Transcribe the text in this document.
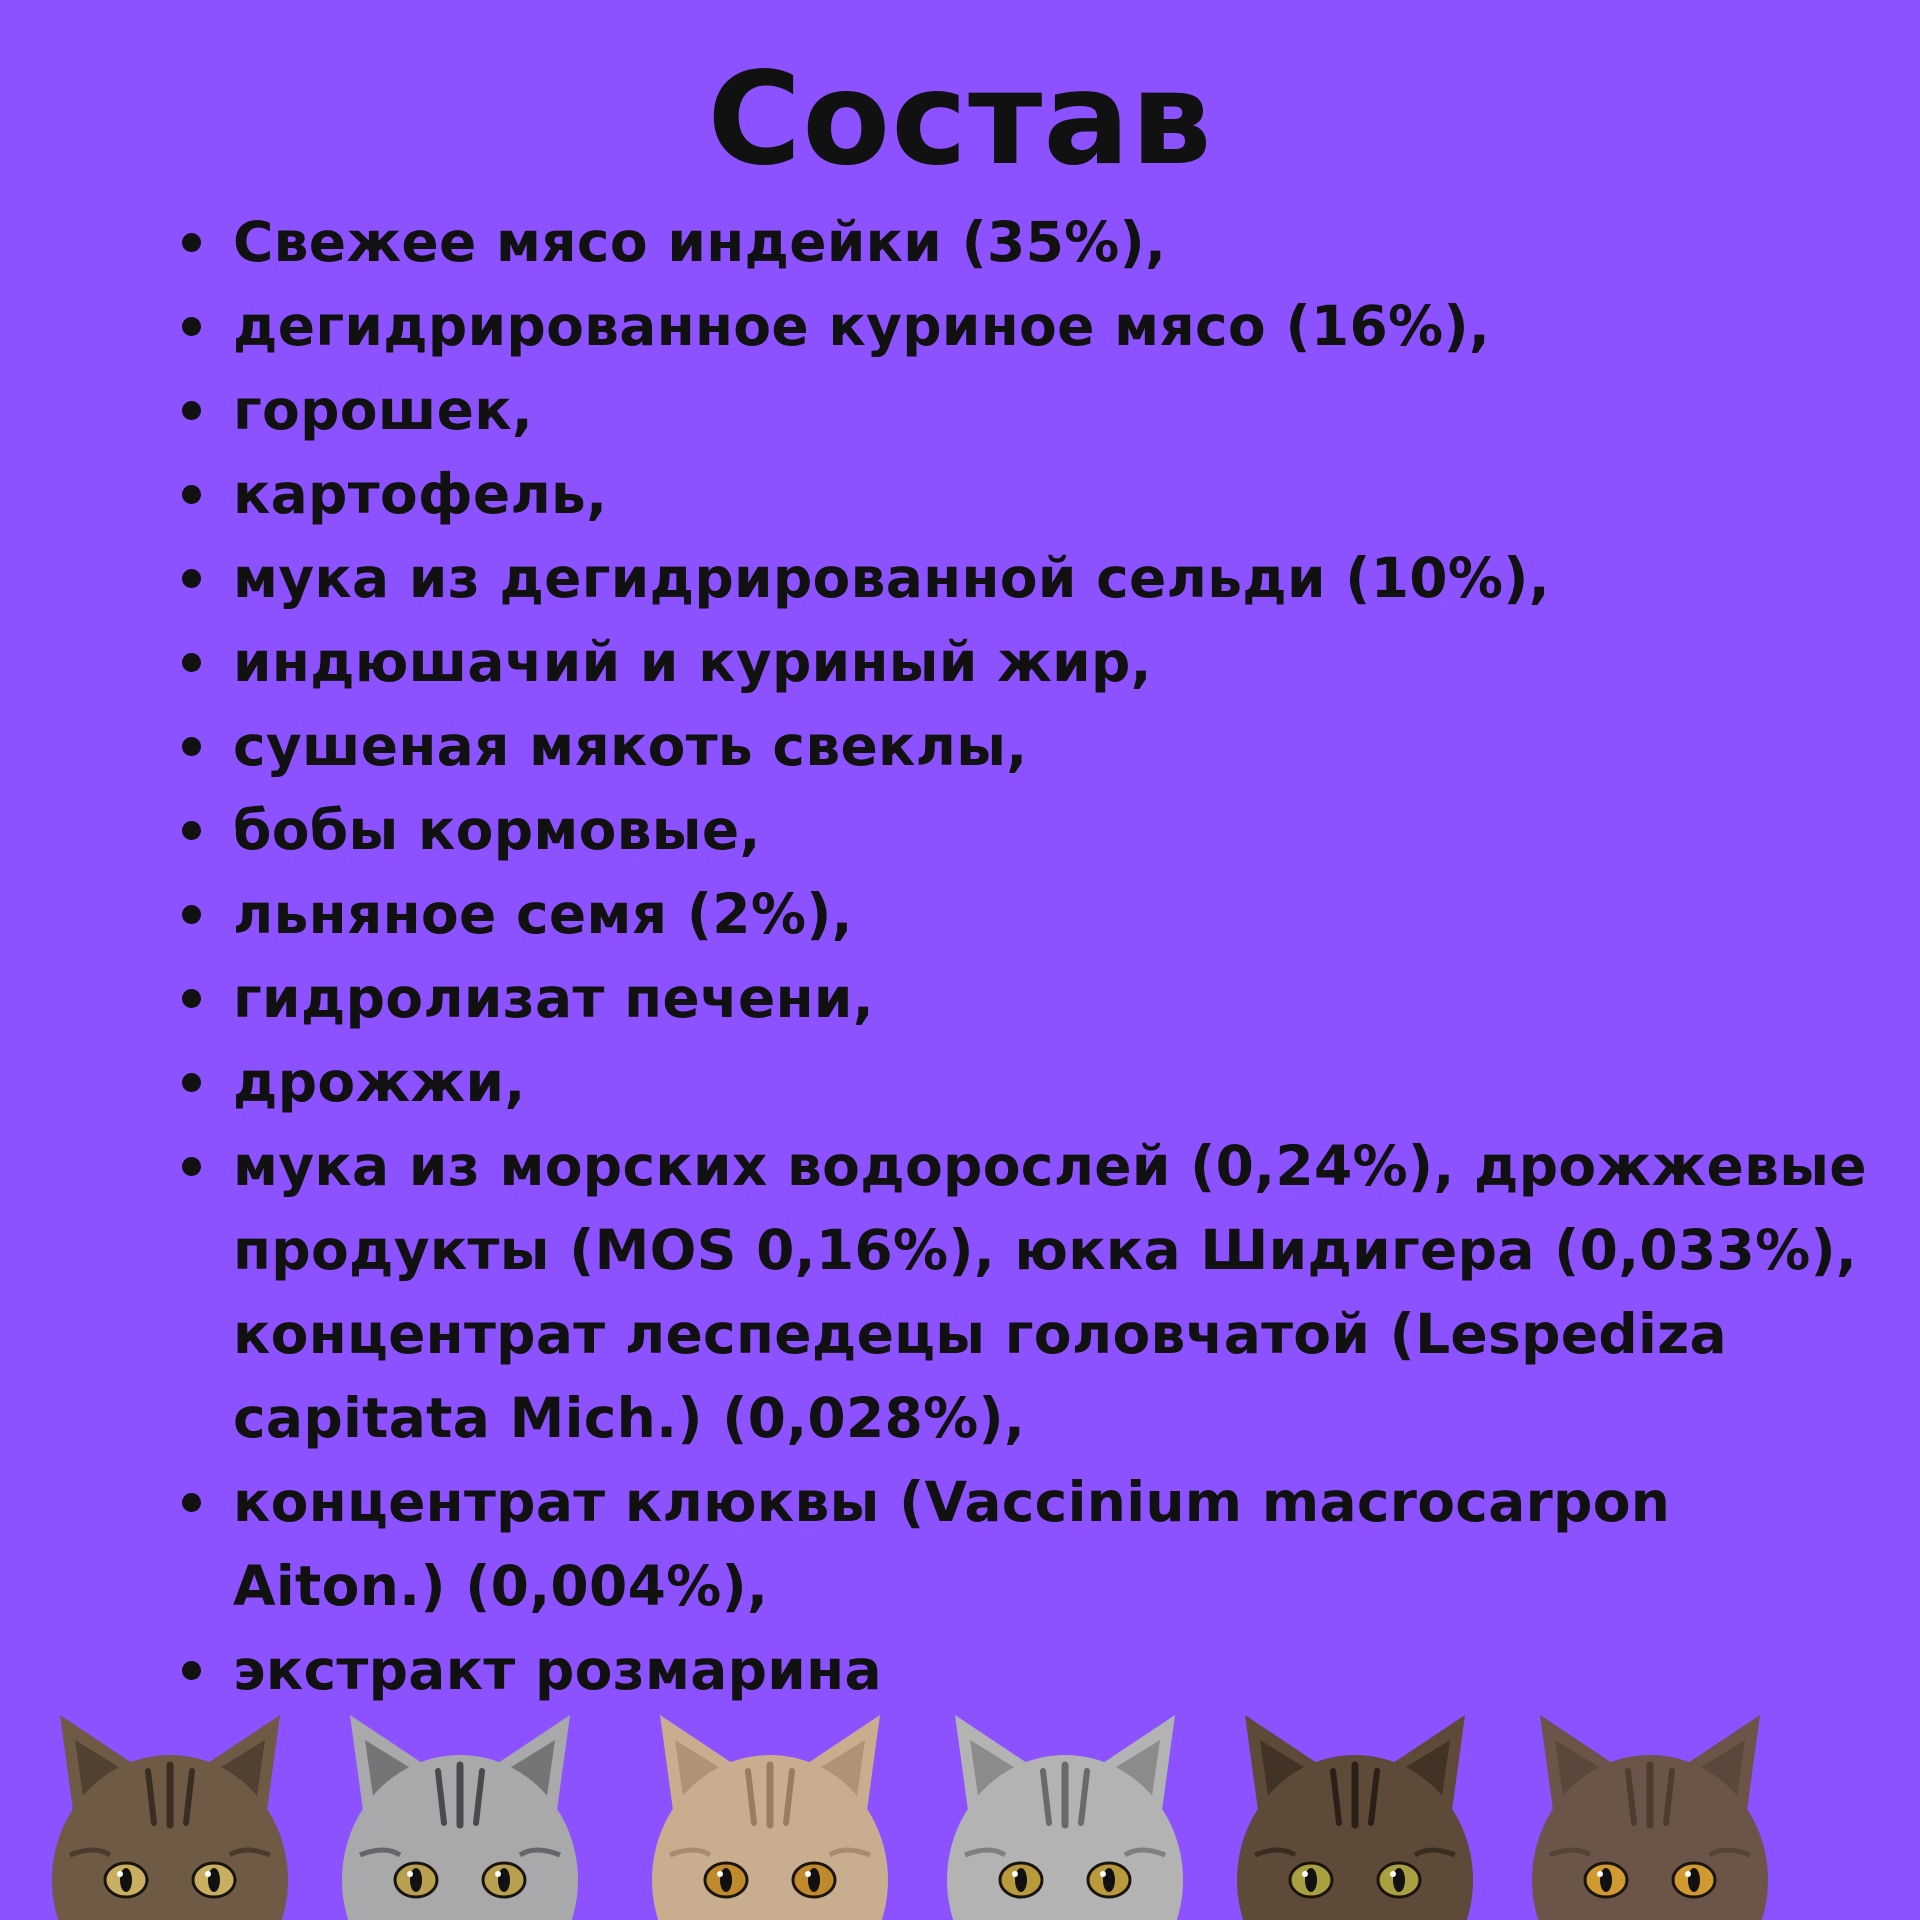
Состав
Свежее мясо индейки (35%),
дегидрированное куриное мясо (16%),
горошек,
картофель,
мука из дегидрированной сельди (10%),
индюшачий и куриный жир,
сушеная мякоть свеклы,
бобы кормовые,
льняное семя (2%),
гидролизат печени,
дрожжи,
мука из морских водорослей (0,24%), дрожжевые продукты (MOS 0,16%), юкка Шидигера (0,033%), концентрат леспедецы головчатой (Lespediza capitata Mich.) (0,028%),
концентрат клюквы (Vaccinium macrocarpon Aiton.) (0,004%),
экстракт розмарина
